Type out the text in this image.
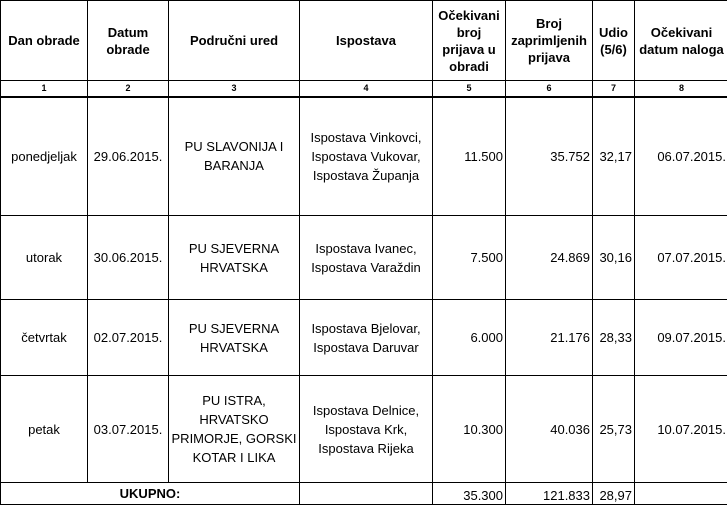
Dan obrade	Datum obrade	Područni ured	Ispostava	Očekivani broj prijava u obradi	Broj zaprimljenih prijava	Udio (5/6)	Očekivani datum naloga
1	2	3	4	5	6	7	8
ponedjeljak	29.06.2015.	PU SLAVONIJA I BARANJA	Ispostava Vinkovci,
Ispostava Vukovar,
Ispostava Županja	11.500	35.752	32,17	06.07.2015.
utorak	30.06.2015.	PU SJEVERNA HRVATSKA	Ispostava Ivanec,
Ispostava Varaždin	7.500	24.869	30,16	07.07.2015.
četvrtak	02.07.2015.	PU SJEVERNA HRVATSKA	Ispostava Bjelovar,
Ispostava Daruvar	6.000	21.176	28,33	09.07.2015.
petak	03.07.2015.	PU ISTRA, HRVATSKO PRIMORJE, GORSKI KOTAR I LIKA	Ispostava Delnice,
Ispostava Krk,
Ispostava Rijeka	10.300	40.036	25,73	10.07.2015.
UKUPNO:				35.300	121.833	28,97	
